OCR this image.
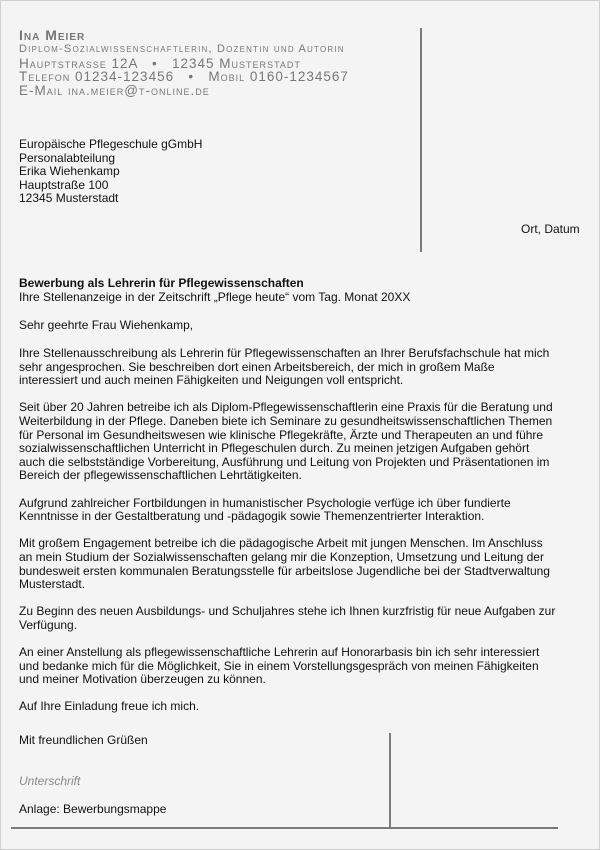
Ina Meier
Diplom-Sozialwissenschaftlerin, Dozentin und Autorin
Hauptstrasse 12A   •   12345 Musterstadt
Telefon 01234-123456   •   Mobil 0160-1234567
E-Mail ina.meier@t-online.de
Europäische Pflegeschule gGmbH
Personalabteilung
Erika Wiehenkamp
Hauptstraße 100
12345 Musterstadt
Ort, Datum
Bewerbung als Lehrerin für Pflegewissenschaften
Ihre Stellenanzeige in der Zeitschrift „Pflege heute“ vom Tag. Monat 20XX
Sehr geehrte Frau Wiehenkamp,
Ihre Stellenausschreibung als Lehrerin für Pflegewissenschaften an Ihrer Berufsfachschule hat mich
sehr angesprochen. Sie beschreiben dort einen Arbeitsbereich, der mich in großem Maße
interessiert und auch meinen Fähigkeiten und Neigungen voll entspricht.
Seit über 20 Jahren betreibe ich als Diplom-Pflegewissenschaftlerin eine Praxis für die Beratung und
Weiterbildung in der Pflege. Daneben biete ich Seminare zu gesundheitswissenschaftlichen Themen
für Personal im Gesundheitswesen wie klinische Pflegekräfte, Ärzte und Therapeuten an und führe
sozialwissenschaftlichen Unterricht in Pflegeschulen durch. Zu meinen jetzigen Aufgaben gehört
auch die selbstständige Vorbereitung, Ausführung und Leitung von Projekten und Präsentationen im
Bereich der pflegewissenschaftlichen Lehrtätigkeiten.
Aufgrund zahlreicher Fortbildungen in humanistischer Psychologie verfüge ich über fundierte
Kenntnisse in der Gestaltberatung und -pädagogik sowie Themenzentrierter Interaktion.
Mit großem Engagement betreibe ich die pädagogische Arbeit mit jungen Menschen. Im Anschluss
an mein Studium der Sozialwissenschaften gelang mir die Konzeption, Umsetzung und Leitung der
bundesweit ersten kommunalen Beratungsstelle für arbeitslose Jugendliche bei der Stadtverwaltung
Musterstadt.
Zu Beginn des neuen Ausbildungs- und Schuljahres stehe ich Ihnen kurzfristig für neue Aufgaben zur
Verfügung.
An einer Anstellung als pflegewissenschaftliche Lehrerin auf Honorarbasis bin ich sehr interessiert
und bedanke mich für die Möglichkeit, Sie in einem Vorstellungsgespräch von meinen Fähigkeiten
und meiner Motivation überzeugen zu können.
Auf Ihre Einladung freue ich mich.
Mit freundlichen Grüßen
Unterschrift
Anlage: Bewerbungsmappe
